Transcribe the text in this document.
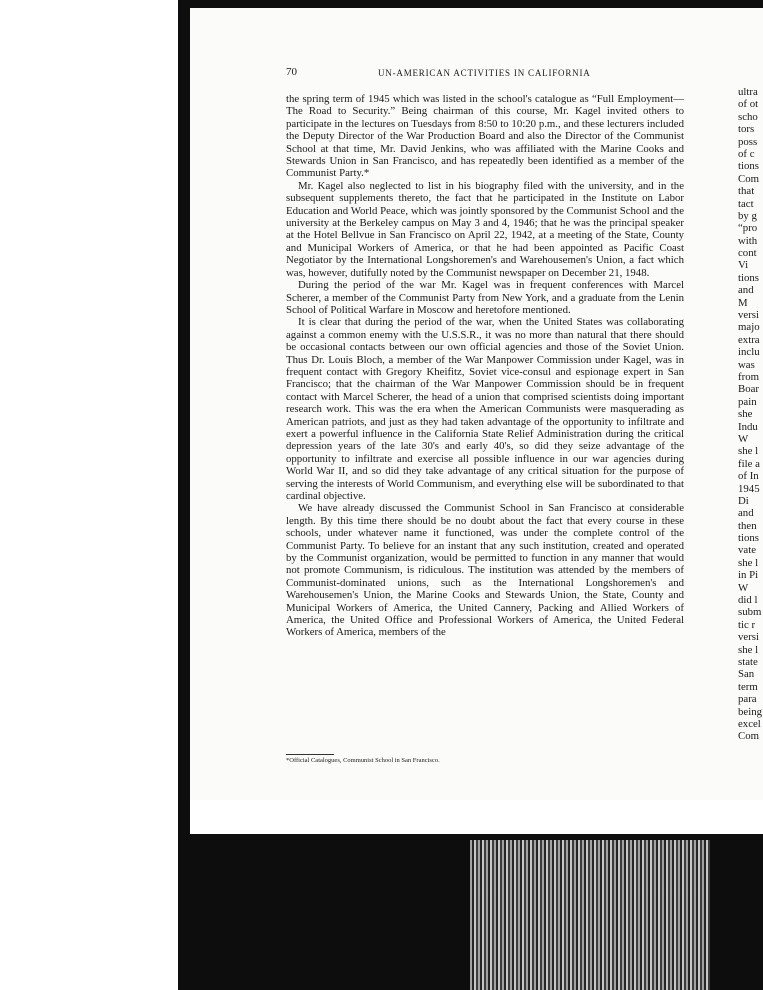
70	UN-AMERICAN ACTIVITIES IN CALIFORNIA

the spring term of 1945 which was listed in the school's catalogue as “Full Employment—The Road to Security.” Being chairman of this course, Mr. Kagel invited others to participate in the lectures on Tuesdays from 8:50 to 10:20 p.m., and these lecturers included the Deputy Director of the War Production Board and also the Director of the Communist School at that time, Mr. David Jenkins, who was affiliated with the Marine Cooks and Stewards Union in San Francisco, and has repeatedly been identified as a member of the Communist Party.*

Mr. Kagel also neglected to list in his biography filed with the university, and in the subsequent supplements thereto, the fact that he participated in the Institute on Labor Education and World Peace, which was jointly sponsored by the Communist School and the university at the Berkeley campus on May 3 and 4, 1946; that he was the principal speaker at the Hotel Bellvue in San Francisco on April 22, 1942, at a meeting of the State, County and Municipal Workers of America, or that he had been appointed as Pacific Coast Negotiator by the International Longshoremen's and Warehousemen's Union, a fact which was, however, dutifully noted by the Communist newspaper on December 21, 1948.

During the period of the war Mr. Kagel was in frequent conferences with Marcel Scherer, a member of the Communist Party from New York, and a graduate from the Lenin School of Political Warfare in Moscow and heretofore mentioned.

It is clear that during the period of the war, when the United States was collaborating against a common enemy with the U.S.S.R., it was no more than natural that there should be occasional contacts between our own official agencies and those of the Soviet Union. Thus Dr. Louis Bloch, a member of the War Manpower Commission under Kagel, was in frequent contact with Gregory Kheifitz, Soviet vice-consul and espionage expert in San Francisco; that the chairman of the War Manpower Commission should be in frequent contact with Marcel Scherer, the head of a union that comprised scientists doing important research work. This was the era when the American Communists were masquerading as American patriots, and just as they had taken advantage of the opportunity to infiltrate and exert a powerful influence in the California State Relief Administration during the critical depression years of the late 30's and early 40's, so did they seize advantage of the opportunity to infiltrate and exercise all possible influence in our war agencies during World War II, and so did they take advantage of any critical situation for the purpose of serving the interests of World Communism, and everything else will be subordinated to that cardinal objective.

We have already discussed the Communist School in San Francisco at considerable length. By this time there should be no doubt about the fact that every course in these schools, under whatever name it functioned, was under the complete control of the Communist Party. To believe for an instant that any such institution, created and operated by the Communist organization, would be permitted to function in any manner that would not promote Communism, is ridiculous. The institution was attended by the members of Communist-dominated unions, such as the International Longshoremen's and Warehousemen's Union, the Marine Cooks and Stewards Union, the State, County and Municipal Workers of America, the United Cannery, Packing and Allied Workers of America, the United Office and Professional Workers of America, the United Federal Workers of America, members of the

*Official Catalogues, Communist School in San Francisco.
ultra
of ot
scho
tors
poss
of c
tions
Com
that
tact
by g
“pro
with
cont
Vi
tions
and
M
versi
majo
extra
inclu
was
from
Boar
pain
she
Indu
W
she l
file a
of In
1945
Di
and
then
tions
vate
she l
in Pi
W
did l
subm
tic r
versi
she l
state
San
term
para
being
excel
Com
